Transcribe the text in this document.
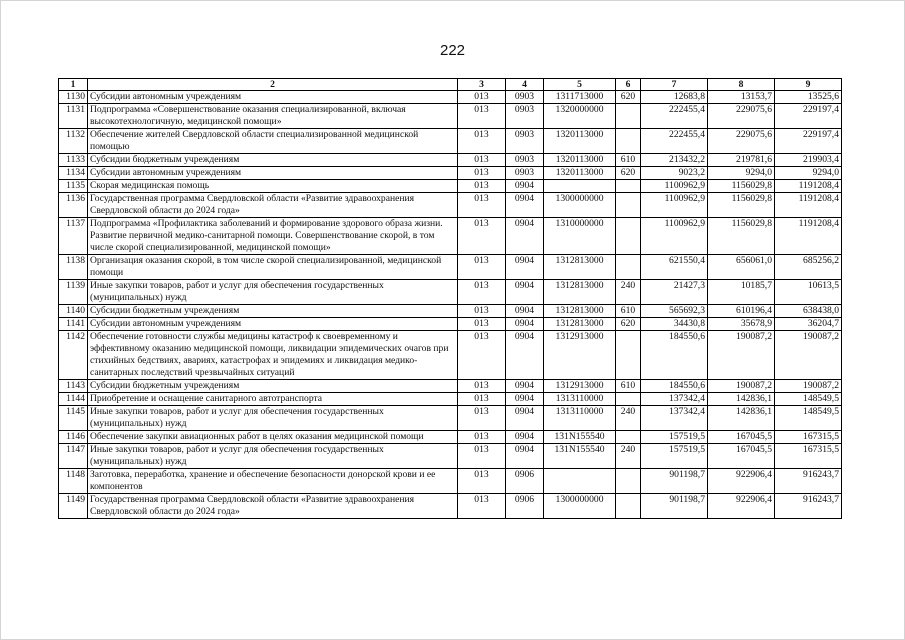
222
1	2	3	4	5	6	7	8	9
1130	Субсидии автономным учреждениям	013	0903	1311713000	620	12683,8	13153,7	13525,6
1131	Подпрограмма «Совершенствование оказания специализированной, включая высокотехнологичную, медицинской помощи»	013	0903	1320000000		222455,4	229075,6	229197,4
1132	Обеспечение жителей Свердловской области специализированной медицинской помощью	013	0903	1320113000		222455,4	229075,6	229197,4
1133	Субсидии бюджетным учреждениям	013	0903	1320113000	610	213432,2	219781,6	219903,4
1134	Субсидии автономным учреждениям	013	0903	1320113000	620	9023,2	9294,0	9294,0
1135	Скорая медицинская помощь	013	0904			1100962,9	1156029,8	1191208,4
1136	Государственная программа Свердловской области «Развитие здравоохранения Свердловской области до 2024 года»	013	0904	1300000000		1100962,9	1156029,8	1191208,4
1137	Подпрограмма «Профилактика заболеваний и формирование здорового образа жизни. Развитие первичной медико-санитарной помощи. Совершенствование скорой, в том числе скорой специализированной, медицинской помощи»	013	0904	1310000000		1100962,9	1156029,8	1191208,4
1138	Организация оказания скорой, в том числе скорой специализированной, медицинской помощи	013	0904	1312813000		621550,4	656061,0	685256,2
1139	Иные закупки товаров, работ и услуг для обеспечения государственных (муниципальных) нужд	013	0904	1312813000	240	21427,3	10185,7	10613,5
1140	Субсидии бюджетным учреждениям	013	0904	1312813000	610	565692,3	610196,4	638438,0
1141	Субсидии автономным учреждениям	013	0904	1312813000	620	34430,8	35678,9	36204,7
1142	Обеспечение готовности службы медицины катастроф к своевременному и эффективному оказанию медицинской помощи, ликвидации эпидемических очагов при стихийных бедствиях, авариях, катастрофах и эпидемиях и ликвидация медико-санитарных последствий чрезвычайных ситуаций	013	0904	1312913000		184550,6	190087,2	190087,2
1143	Субсидии бюджетным учреждениям	013	0904	1312913000	610	184550,6	190087,2	190087,2
1144	Приобретение и оснащение санитарного автотранспорта	013	0904	1313110000		137342,4	142836,1	148549,5
1145	Иные закупки товаров, работ и услуг для обеспечения государственных (муниципальных) нужд	013	0904	1313110000	240	137342,4	142836,1	148549,5
1146	Обеспечение закупки авиационных работ в целях оказания медицинской помощи	013	0904	131N155540		157519,5	167045,5	167315,5
1147	Иные закупки товаров, работ и услуг для обеспечения государственных (муниципальных) нужд	013	0904	131N155540	240	157519,5	167045,5	167315,5
1148	Заготовка, переработка, хранение и обеспечение безопасности донорской крови и ее компонентов	013	0906			901198,7	922906,4	916243,7
1149	Государственная программа Свердловской области «Развитие здравоохранения Свердловской области до 2024 года»	013	0906	1300000000		901198,7	922906,4	916243,7
